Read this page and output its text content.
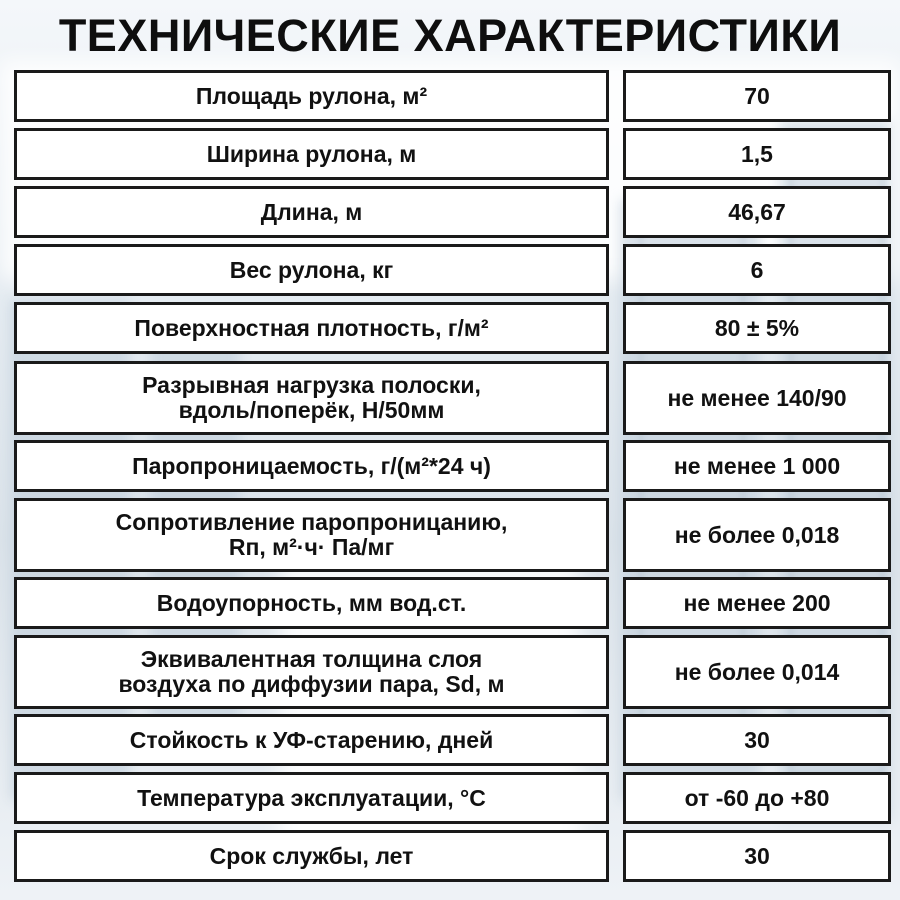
ТЕХНИЧЕСКИЕ ХАРАКТЕРИСТИКИ
Площадь рулона, м²	70
Ширина рулона, м	1,5
Длина, м	46,67
Вес рулона, кг	6
Поверхностная плотность, г/м²	80 ± 5%
Разрывная нагрузка полоски,
вдоль/поперёк, Н/50мм	не менее 140/90
Паропроницаемость, г/(м²*24 ч)	не менее 1 000
Сопротивление паропроницанию,
Rп, м²·ч· Па/мг	не более 0,018
Водоупорность, мм вод.ст.	не менее 200
Эквивалентная толщина слоя
воздуха по диффузии пара, Sd, м	не более 0,014
Стойкость к УФ-старению, дней	30
Температура эксплуатации, °С	от -60 до +80
Срок службы, лет	30
